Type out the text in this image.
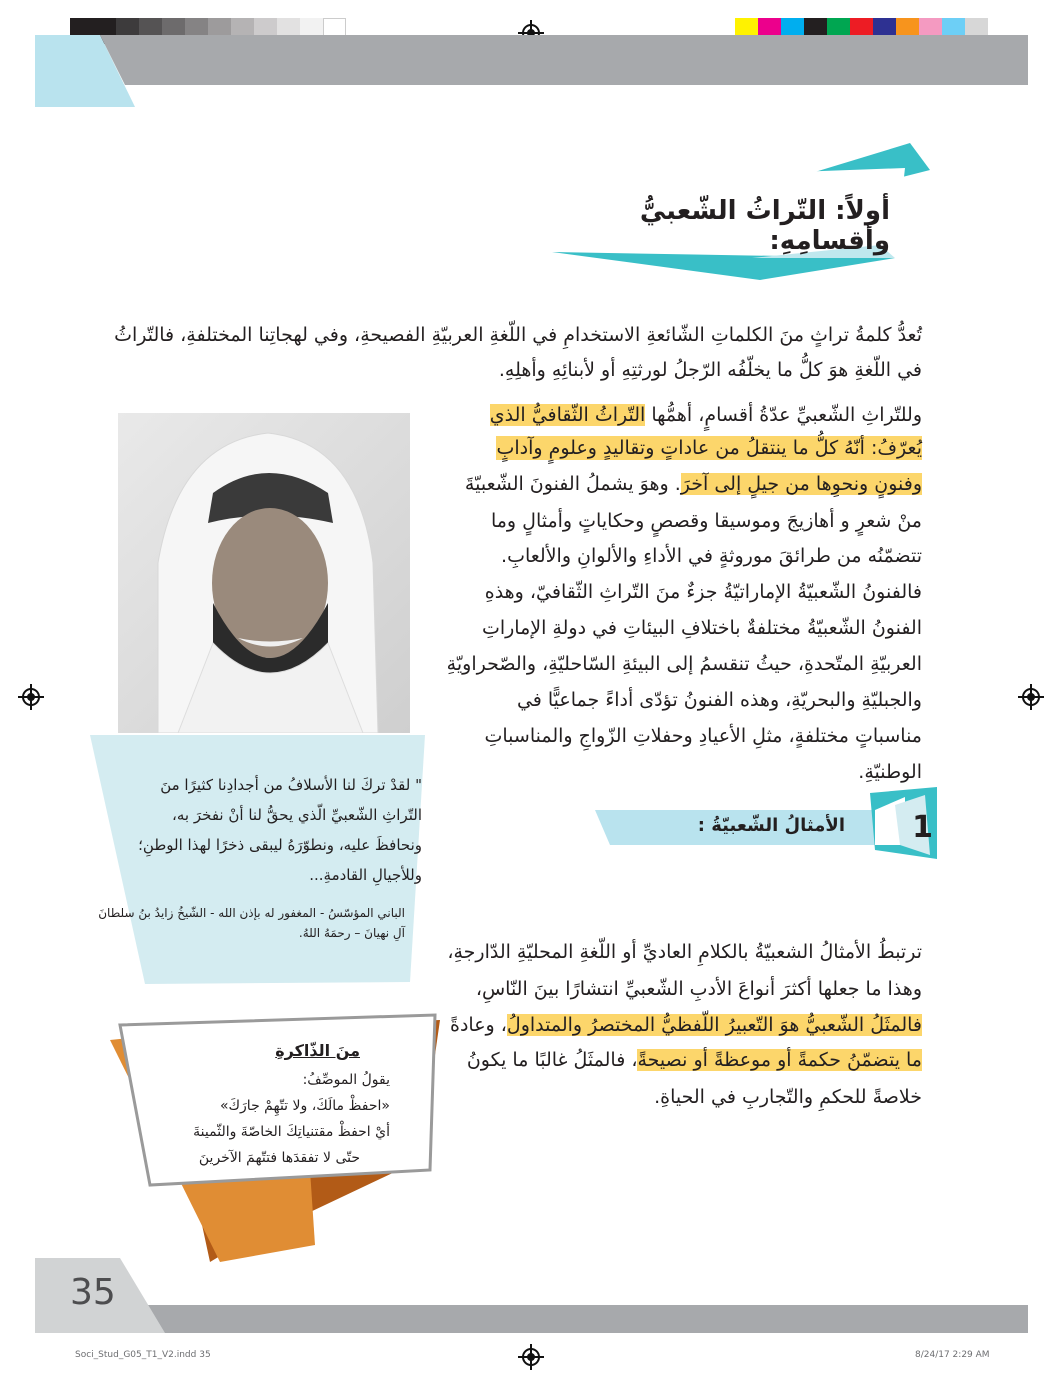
أولاً: التّراثُ الشّعبيُّ وأقسامِهِ:
تُعدُّ كلمةُ تراثٍ منَ الكلماتِ الشّائعةِ الاستخدامِ في اللّغةِ العربيّةِ الفصيحةِ، وفي لهجاتِنا المختلفةِ، فالتّراثُ
في اللّغةِ هوَ كلُّ ما يخلّفُه الرّجلُ لورثتِهِ أو لأبنائِهِ وأهلِهِ.
وللتّراثِ الشّعبيِّ عدّةُ أقسامٍ، أهمُّها التّراثُ الثّقافيُّ الذي
يُعرّفُ: أنّهُ كلُّ ما ينتقلُ من عاداتٍ وتقاليدٍ وعلومٍ وآدابٍ
وفنونٍ ونحوِها من جيلٍ إلى آخرَ. وهوَ يشملُ الفنونَ الشّعبيّةَ
منْ شعرٍ و أهازيجَ وموسيقا وقصصٍ وحكاياتٍ وأمثالٍ وما
تتضمّنُه من طرائقَ موروثةٍ في الأداءِ والألوانِ والألعابِ.
فالفنونُ الشّعبيّةُ الإماراتيّةُ جزءٌ منَ التّراثِ الثّقافيّ، وهذهِ
الفنونُ الشّعبيّةُ مختلفةٌ باختلافِ البيئاتِ في دولةِ الإماراتِ
العربيّةِ المتّحدةِ، حيثُ تنقسمُ إلى البيئةِ السّاحليّةِ، والصّحراويّةِ
والجبليّةِ والبحريّةِ، وهذه الفنونُ تؤدّى أداءً جماعيًّا في
مناسباتٍ مختلفةٍ، مثلِ الأعيادِ وحفلاتِ الزّواجِ والمناسباتِ
الوطنيّةِ.
" لقدْ تركَ لنا الأسلافُ من أجدادِنا كثيرًا منَ
التّراثِ الشّعبيِّ الّذي يحقُّ لنا أنْ نفخرَ به،
ونحافظَ عليه، ونطوّرَهُ ليبقى ذخرًا لهذا الوطنِ؛
وللأجيالِ القادمةِ...
الباني المؤسّسُ - المغفور له بإذن الله - الشّيخُ زايدُ بنُ سلطانَ
آلِ نهيانَ – رحمَهُ اللهُ.
الأمثالُ الشّعبيّةُ : 1
ترتبطُ الأمثالُ الشعبيّةُ بالكلامِ العاديِّ أو اللّغةِ المحليّةِ الدّارجةِ،
وهذا ما جعلها أكثرَ أنواعَ الأدبِ الشّعبيِّ انتشارًا بينَ النّاسِ،
فالمثَلُ الشّعبيُّ هوَ التّعبيرُ اللّفظيُّ المختصرُ والمتداولُ، وعادةً
ما يتضمّنُ حكمةً أو موعظةً أو نصيحةً، فالمثَلُ غالبًا ما يكونُ
خلاصةً للحكمِ والتّجاربِ في الحياةِ.
منَ الذّاكرةِ
يقولُ الموصِّفُ:
«احفظْ مالَكَ، ولا تتّهِمْ جارَكَ»
أيْ احفظْ مقتنياتِكَ الخاصّةَ والثّمينةَ
حتّى لا تفقدَها فتتّهمَ الآخرينَ
35
Soci_Stud_G05_T1_V2.indd 35	8/24/17 2:29 AM
